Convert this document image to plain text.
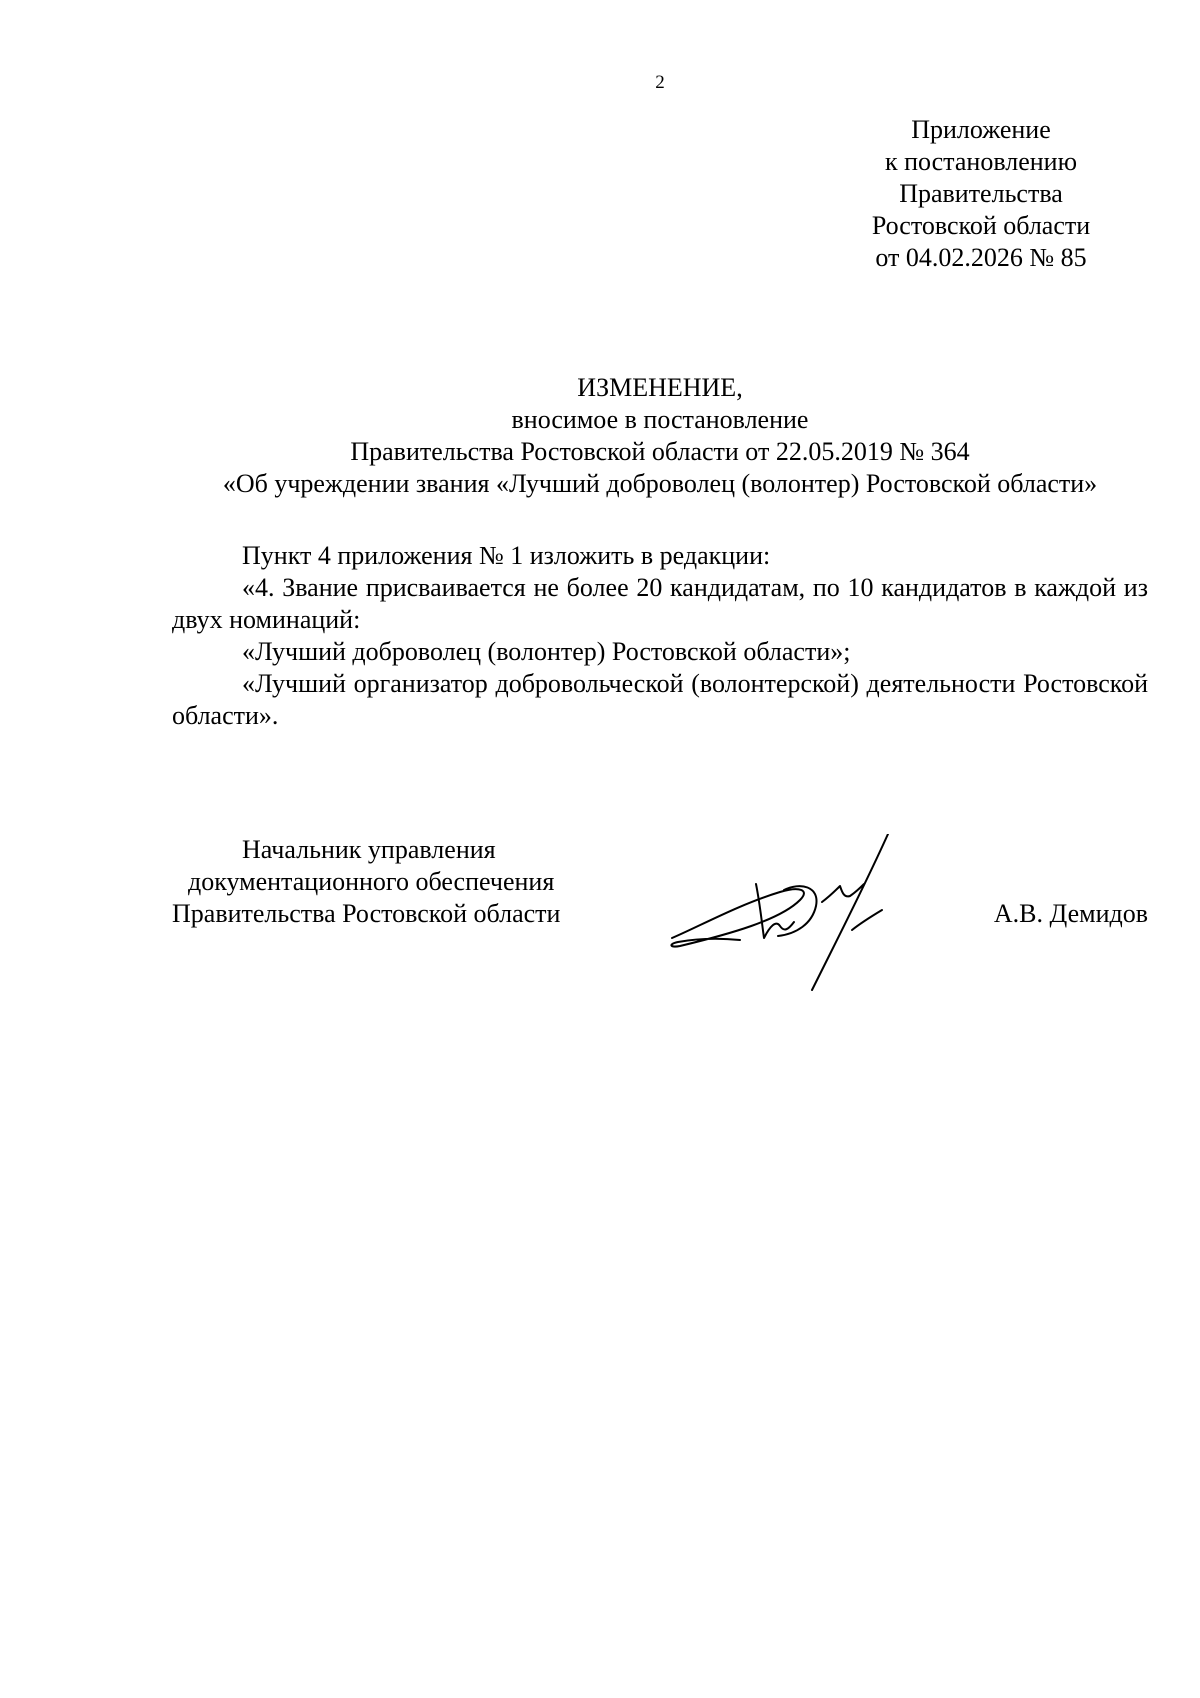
2
Приложение
к постановлению
Правительства
Ростовской области
от 04.02.2026 № 85
ИЗМЕНЕНИЕ,
вносимое в постановление
Правительства Ростовской области от 22.05.2019 № 364
«Об учреждении звания «Лучший доброволец (волонтер) Ростовской области»

Пункт 4 приложения № 1 изложить в редакции:

«4. Звание присваивается не более 20 кандидатам, по 10 кандидатов в каждой из двух номинаций:

«Лучший доброволец (волонтер) Ростовской области»;

«Лучший организатор добровольческой (волонтерской) деятельности Ростовской области».

Начальник управления
документационного обеспечения
Правительства Ростовской области	А.В. Демидов
